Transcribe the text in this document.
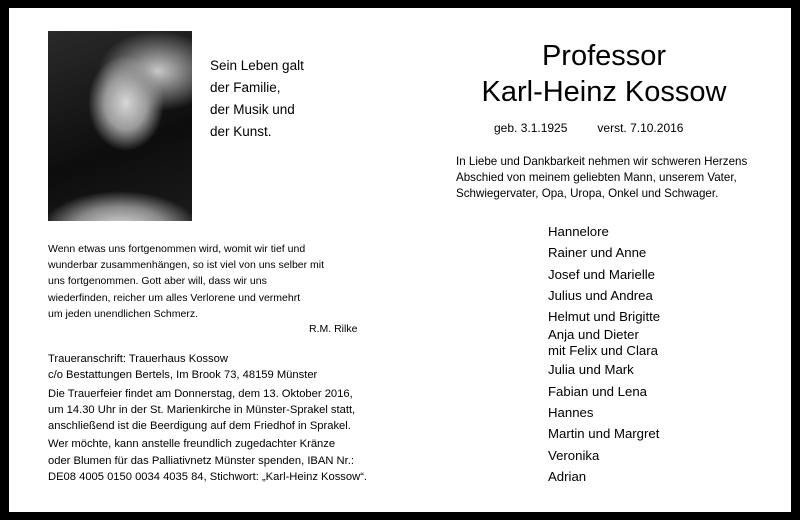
Sein Leben galt
der Familie,
der Musik und
der Kunst.
Wenn etwas uns fortgenommen wird, womit wir tief und
wunderbar zusammenhängen, so ist viel von uns selber mit
uns fortgenommen. Gott aber will, dass wir uns
wiederfinden, reicher um alles Verlorene und vermehrt
um jeden unendlichen Schmerz.
R.M. Rilke

Traueranschrift: Trauerhaus Kossow
c/o Bestattungen Bertels, Im Brook 73, 48159 Münster

Die Trauerfeier findet am Donnerstag, dem 13. Oktober 2016,
um 14.30 Uhr in der St. Marienkirche in Münster-Sprakel statt,
anschließend ist die Beerdigung auf dem Friedhof in Sprakel.

Wer möchte, kann anstelle freundlich zugedachter Kränze
oder Blumen für das Palliativnetz Münster spenden, IBAN Nr.:
DE08 4005 0150 0034 4035 84, Stichwort: „Karl-Heinz Kossow“.

Professor
Karl-Heinz Kossow
geb. 3.1.1925	verst. 7.10.2016
In Liebe und Dankbarkeit nehmen wir schweren Herzens
Abschied von meinem geliebten Mann, unserem Vater,
Schwiegervater, Opa, Uropa, Onkel und Schwager.
Hannelore
Rainer und Anne
Josef und Marielle
Julius und Andrea
Helmut und Brigitte
Anja und Dieter
mit Felix und Clara
Julia und Mark
Fabian und Lena
Hannes
Martin und Margret
Veronika
Adrian
